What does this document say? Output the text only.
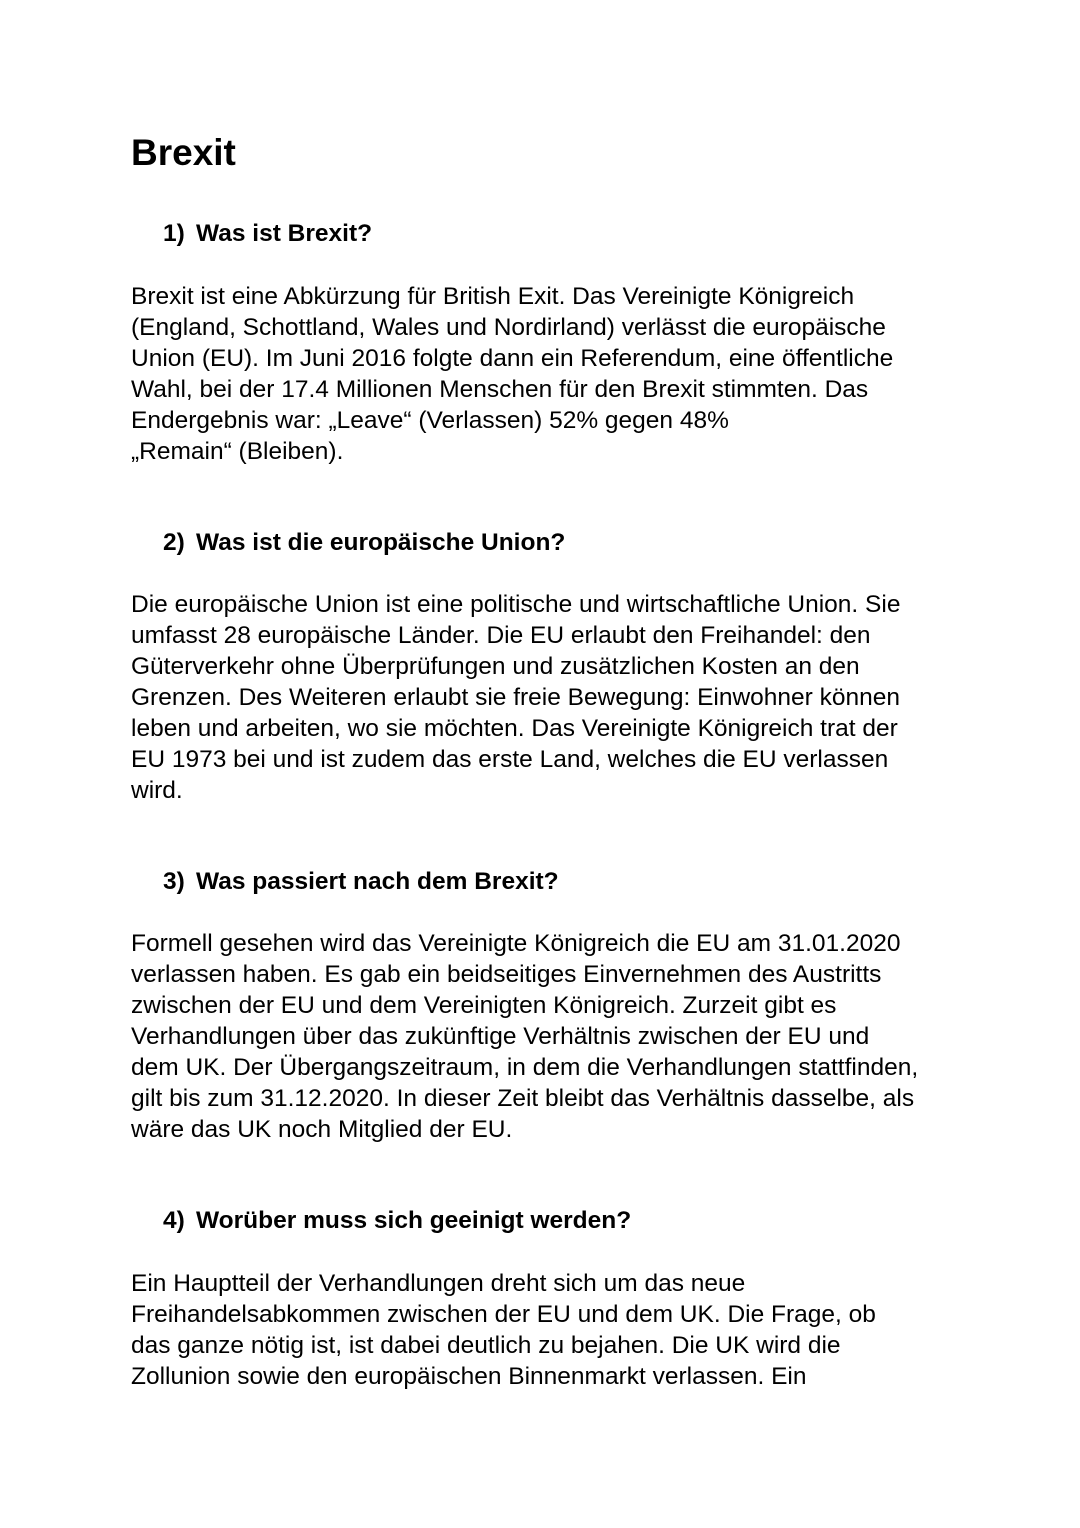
Brexit
1) Was ist Brexit?

Brexit ist eine Abkürzung für British Exit. Das Vereinigte Königreich
(England, Schottland, Wales und Nordirland) verlässt die europäische
Union (EU). Im Juni 2016 folgte dann ein Referendum, eine öffentliche
Wahl, bei der 17.4 Millionen Menschen für den Brexit stimmten. Das
Endergebnis war: „Leave“ (Verlassen) 52% gegen 48%
„Remain“ (Bleiben).

2) Was ist die europäische Union?

Die europäische Union ist eine politische und wirtschaftliche Union. Sie
umfasst 28 europäische Länder. Die EU erlaubt den Freihandel: den
Güterverkehr ohne Überprüfungen und zusätzlichen Kosten an den
Grenzen. Des Weiteren erlaubt sie freie Bewegung: Einwohner können
leben und arbeiten, wo sie möchten. Das Vereinigte Königreich trat der
EU 1973 bei und ist zudem das erste Land, welches die EU verlassen
wird.

3) Was passiert nach dem Brexit?

Formell gesehen wird das Vereinigte Königreich die EU am 31.01.2020
verlassen haben. Es gab ein beidseitiges Einvernehmen des Austritts
zwischen der EU und dem Vereinigten Königreich. Zurzeit gibt es
Verhandlungen über das zukünftige Verhältnis zwischen der EU und
dem UK. Der Übergangszeitraum, in dem die Verhandlungen stattfinden,
gilt bis zum 31.12.2020. In dieser Zeit bleibt das Verhältnis dasselbe, als
wäre das UK noch Mitglied der EU.

4) Worüber muss sich geeinigt werden?

Ein Hauptteil der Verhandlungen dreht sich um das neue
Freihandelsabkommen zwischen der EU und dem UK. Die Frage, ob
das ganze nötig ist, ist dabei deutlich zu bejahen. Die UK wird die
Zollunion sowie den europäischen Binnenmarkt verlassen. Ein
